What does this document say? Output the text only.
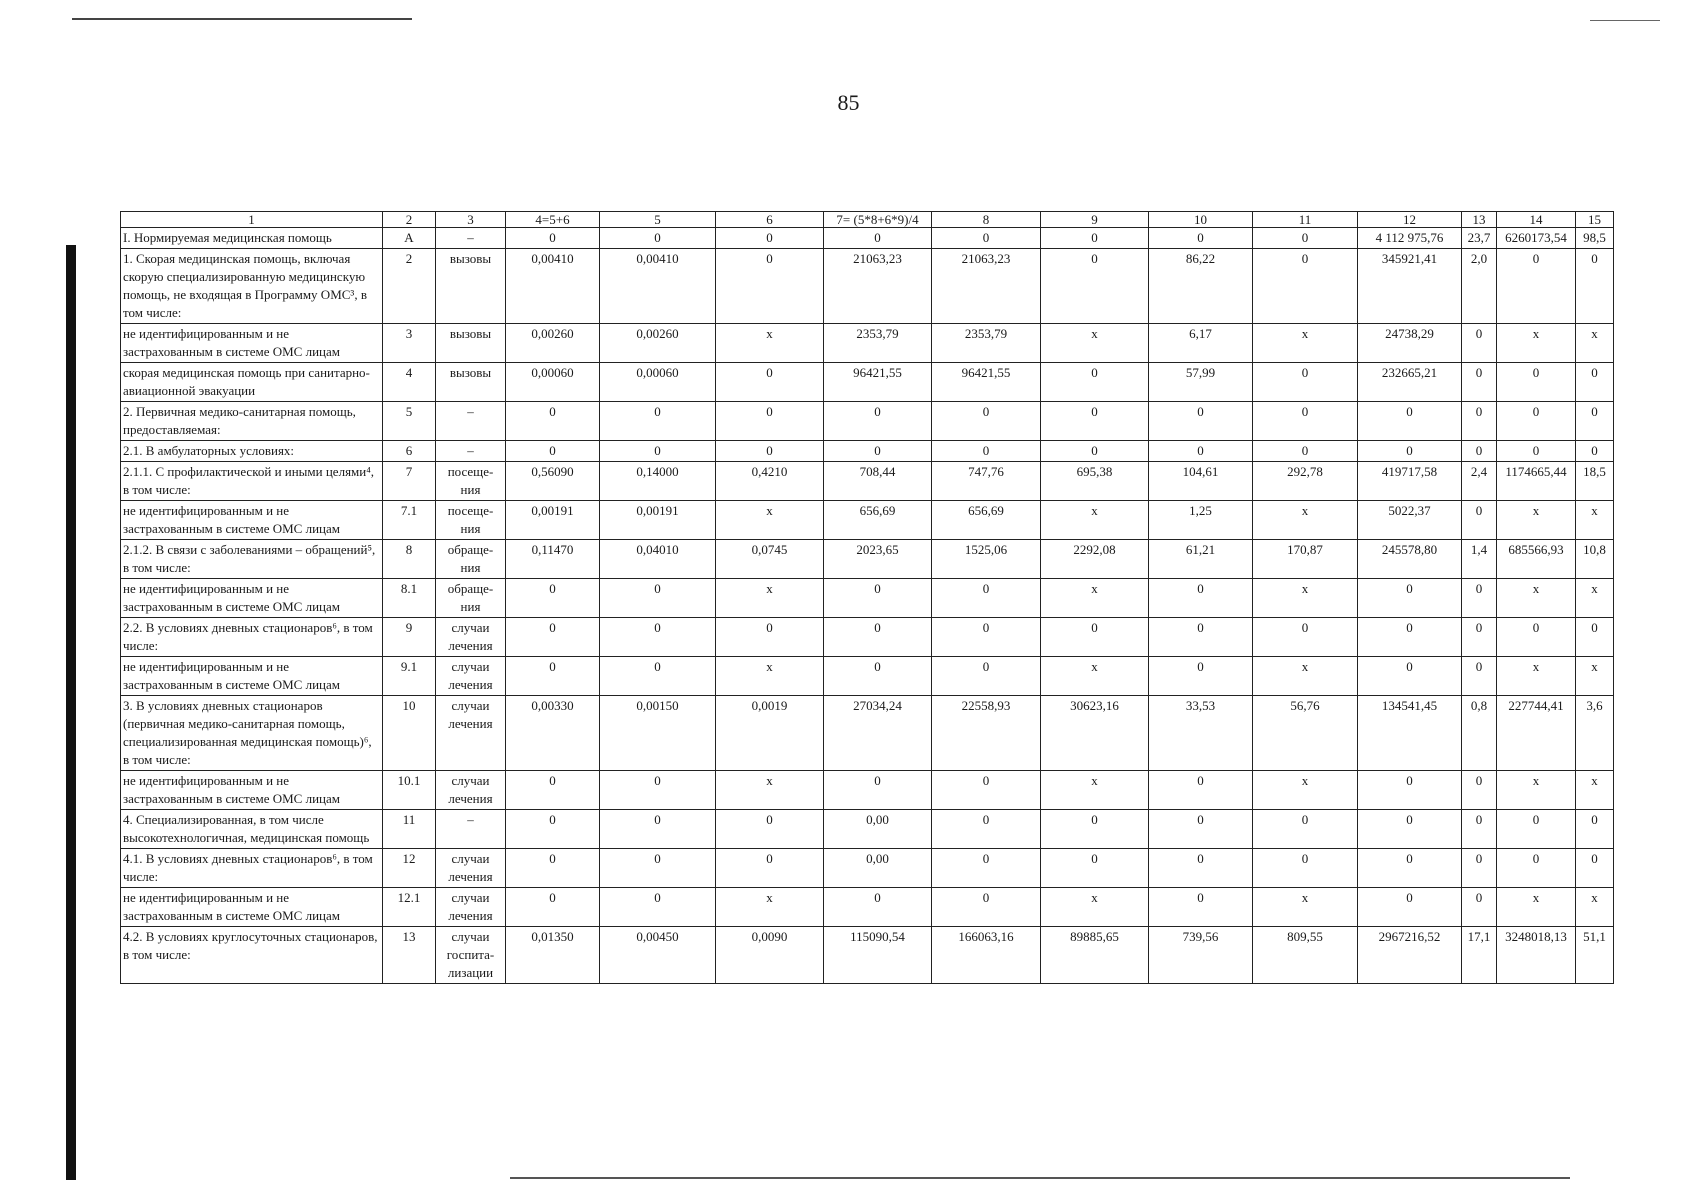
85
1	2	3	4=5+6	5	6	7= (5*8+6*9)/4	8	9	10	11	12	13	14	15
I. Нормируемая медицинская помощь	А	–	0	0	0	0	0	0	0	0	4 112 975,76	23,7	6260173,54	98,5
1. Скорая медицинская помощь, включая скорую специализированную медицинскую помощь, не входящая в Программу ОМС³, в том числе:	2	вызовы	0,00410	0,00410	0	21063,23	21063,23	0	86,22	0	345921,41	2,0	0	0
не идентифицированным и не застрахованным в системе ОМС лицам	3	вызовы	0,00260	0,00260	х	2353,79	2353,79	х	6,17	х	24738,29	0	х	х
скорая медицинская помощь при санитарно-авиационной эвакуации	4	вызовы	0,00060	0,00060	0	96421,55	96421,55	0	57,99	0	232665,21	0	0	0
2. Первичная медико-санитарная помощь, предоставляемая:	5	–	0	0	0	0	0	0	0	0	0	0	0	0
2.1. В амбулаторных условиях:	6	–	0	0	0	0	0	0	0	0	0	0	0	0
2.1.1. С профилактической и иными целями⁴, в том числе:	7	посеще-ния	0,56090	0,14000	0,4210	708,44	747,76	695,38	104,61	292,78	419717,58	2,4	1174665,44	18,5
не идентифицированным и не застрахованным в системе ОМС лицам	7.1	посеще-ния	0,00191	0,00191	х	656,69	656,69	х	1,25	х	5022,37	0	х	х
2.1.2. В связи с заболеваниями – обращений⁵, в том числе:	8	обраще-ния	0,11470	0,04010	0,0745	2023,65	1525,06	2292,08	61,21	170,87	245578,80	1,4	685566,93	10,8
не идентифицированным и не застрахованным в системе ОМС лицам	8.1	обраще-ния	0	0	х	0	0	х	0	х	0	0	х	х
2.2. В условиях дневных стационаров⁶, в том числе:	9	случаи лечения	0	0	0	0	0	0	0	0	0	0	0	0
не идентифицированным и не застрахованным в системе ОМС лицам	9.1	случаи лечения	0	0	х	0	0	х	0	х	0	0	х	х
3. В условиях дневных стационаров (первичная медико-санитарная помощь, специализированная медицинская помощь)⁶, в том числе:	10	случаи лечения	0,00330	0,00150	0,0019	27034,24	22558,93	30623,16	33,53	56,76	134541,45	0,8	227744,41	3,6
не идентифицированным и не застрахованным в системе ОМС лицам	10.1	случаи лечения	0	0	х	0	0	х	0	х	0	0	х	х
4. Специализированная, в том числе высокотехнологичная, медицинская помощь	11	–	0	0	0	0,00	0	0	0	0	0	0	0	0
4.1. В условиях дневных стационаров⁶, в том числе:	12	случаи лечения	0	0	0	0,00	0	0	0	0	0	0	0	0
не идентифицированным и не застрахованным в системе ОМС лицам	12.1	случаи лечения	0	0	х	0	0	х	0	х	0	0	х	х
4.2. В условиях круглосуточных стационаров, в том числе:	13	случаи госпита-лизации	0,01350	0,00450	0,0090	115090,54	166063,16	89885,65	739,56	809,55	2967216,52	17,1	3248018,13	51,1
